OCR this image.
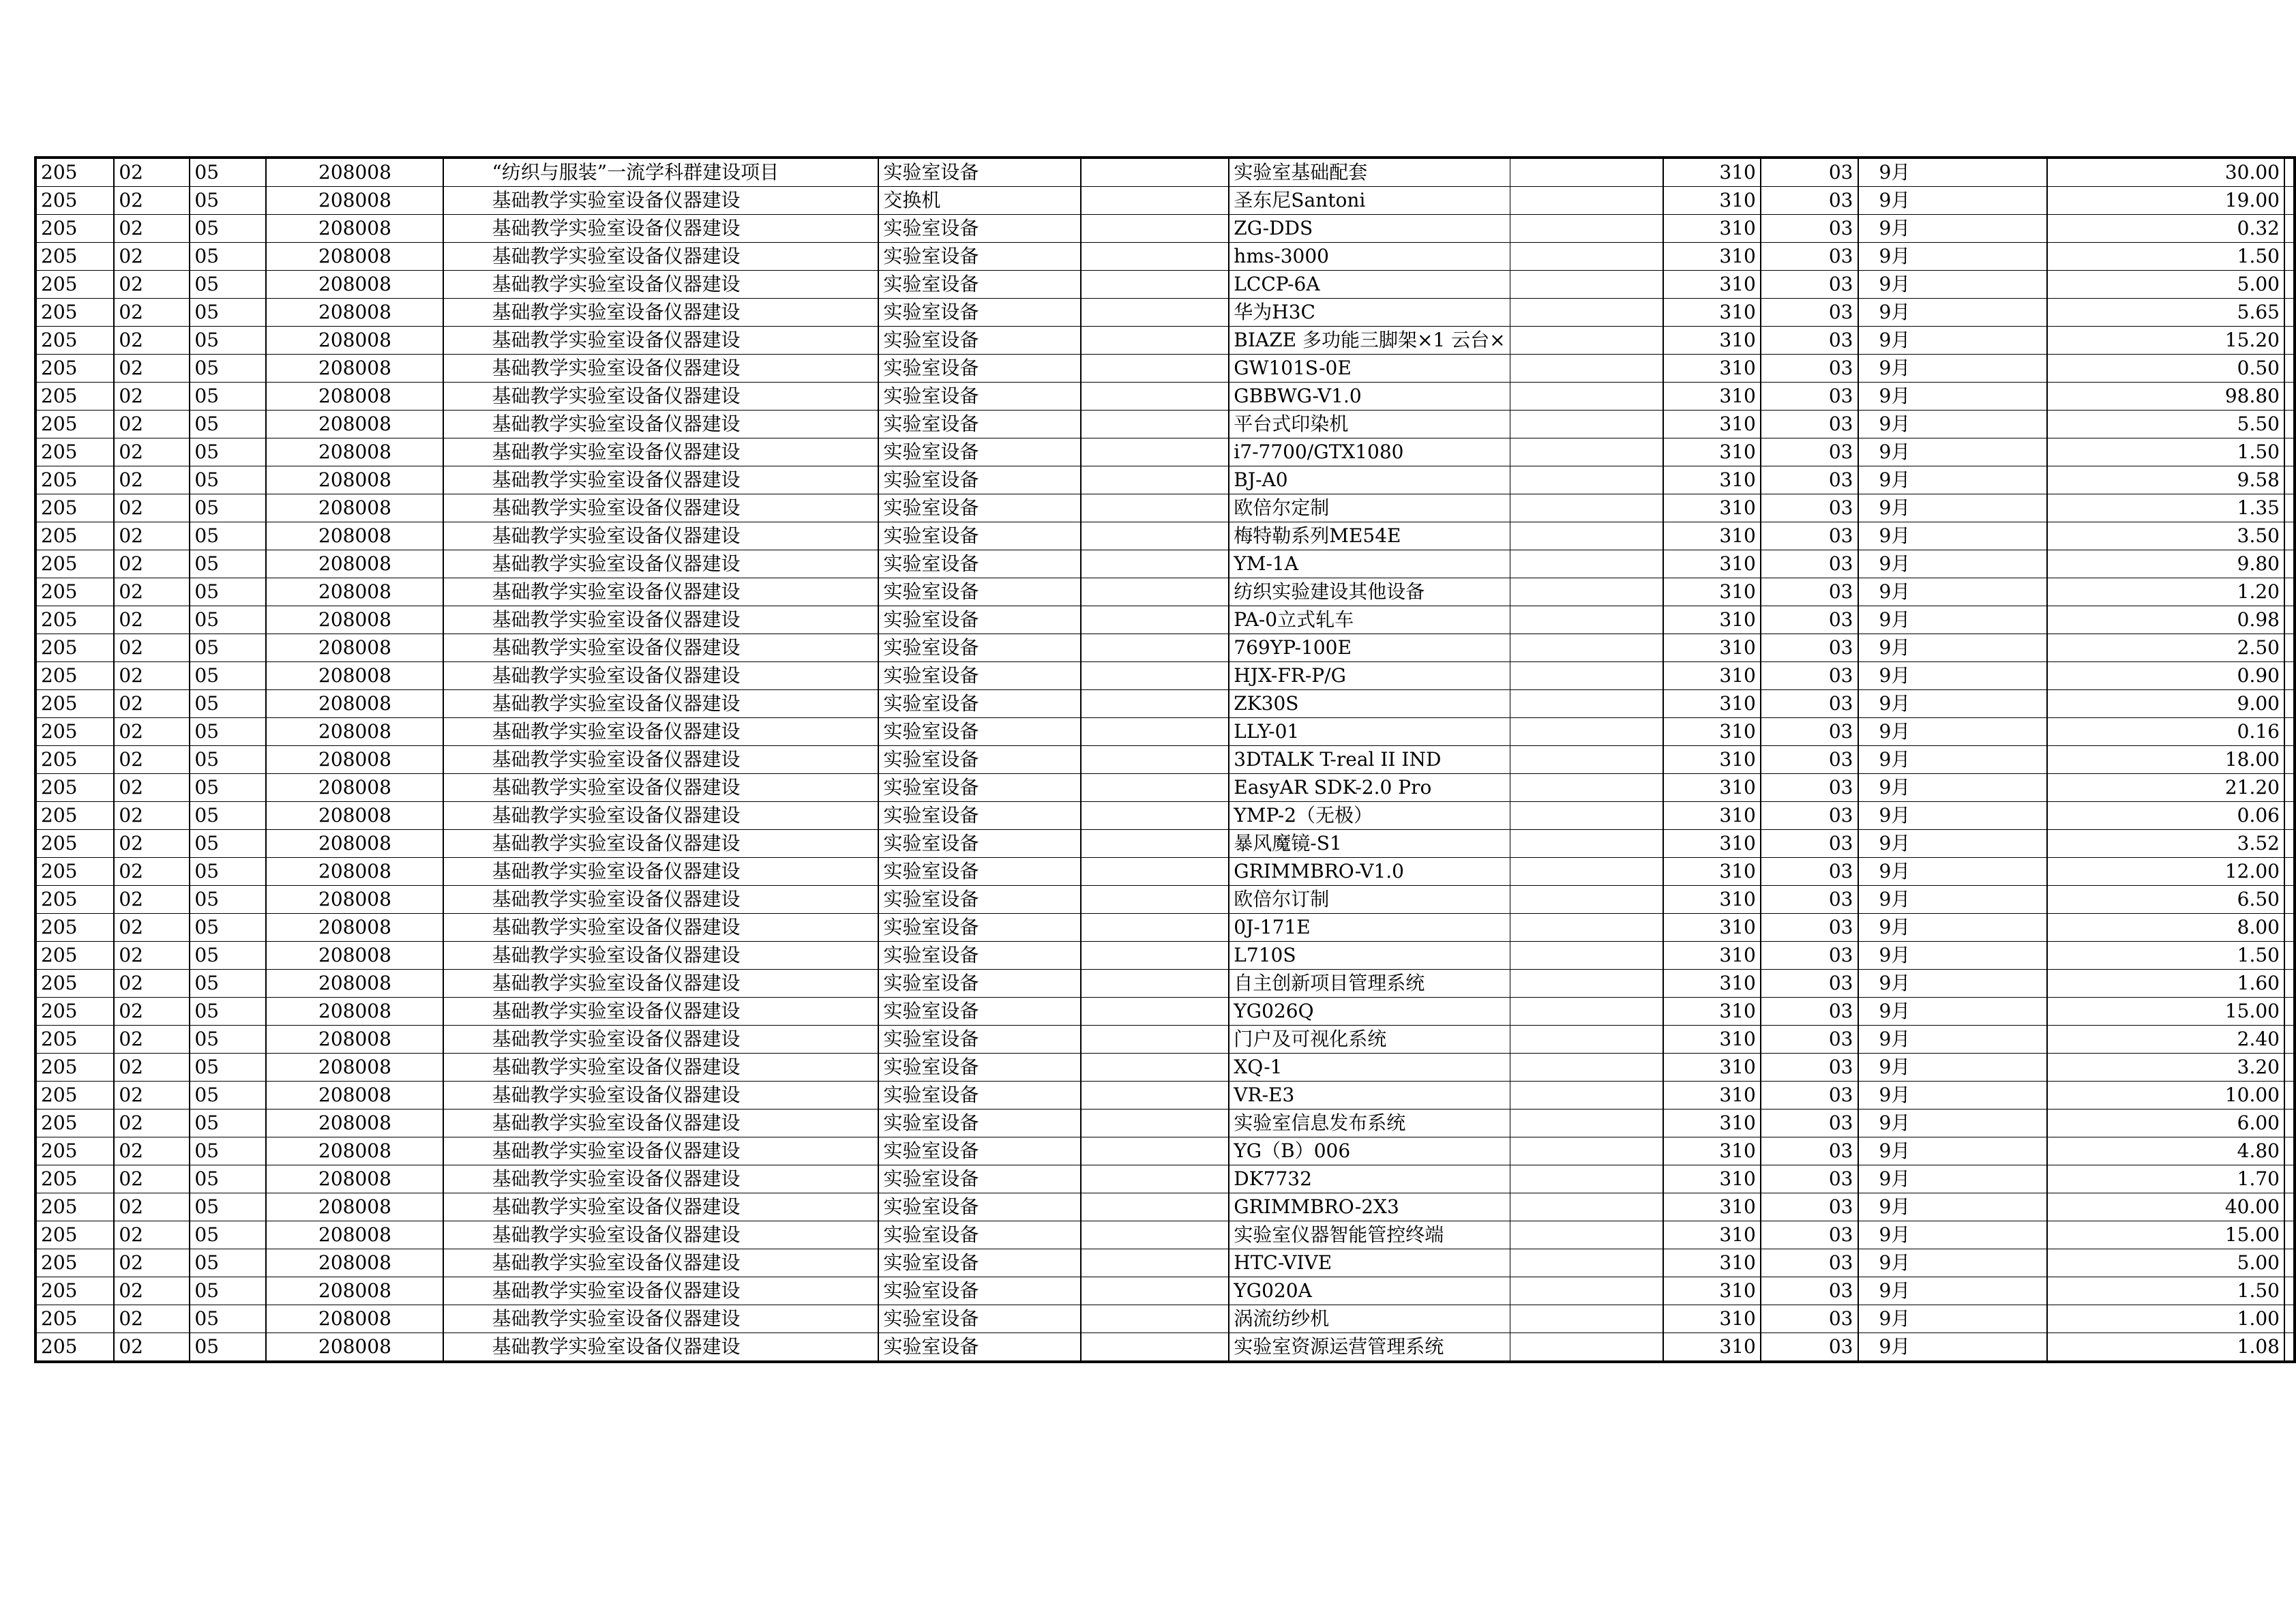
205	02	05	208008	“纺织与服装”一流学科群建设项目	实验室设备		实验室基础配套		310	03	9月	30.00	
205	02	05	208008	基础教学实验室设备仪器建设	交换机		圣东尼Santoni		310	03	9月	19.00	
205	02	05	208008	基础教学实验室设备仪器建设	实验室设备		ZG-DDS		310	03	9月	0.32	
205	02	05	208008	基础教学实验室设备仪器建设	实验室设备		hms-3000		310	03	9月	1.50	
205	02	05	208008	基础教学实验室设备仪器建设	实验室设备		LCCP-6A		310	03	9月	5.00	
205	02	05	208008	基础教学实验室设备仪器建设	实验室设备		华为H3C		310	03	9月	5.65	
205	02	05	208008	基础教学实验室设备仪器建设	实验室设备		BIAZE 多功能三脚架×1 云台×		310	03	9月	15.20	
205	02	05	208008	基础教学实验室设备仪器建设	实验室设备		GW101S-0E		310	03	9月	0.50	
205	02	05	208008	基础教学实验室设备仪器建设	实验室设备		GBBWG-V1.0		310	03	9月	98.80	
205	02	05	208008	基础教学实验室设备仪器建设	实验室设备		平台式印染机		310	03	9月	5.50	
205	02	05	208008	基础教学实验室设备仪器建设	实验室设备		i7-7700/GTX1080		310	03	9月	1.50	
205	02	05	208008	基础教学实验室设备仪器建设	实验室设备		BJ-A0		310	03	9月	9.58	
205	02	05	208008	基础教学实验室设备仪器建设	实验室设备		欧倍尔定制		310	03	9月	1.35	
205	02	05	208008	基础教学实验室设备仪器建设	实验室设备		梅特勒系列ME54E		310	03	9月	3.50	
205	02	05	208008	基础教学实验室设备仪器建设	实验室设备		YM-1A		310	03	9月	9.80	
205	02	05	208008	基础教学实验室设备仪器建设	实验室设备		纺织实验建设其他设备		310	03	9月	1.20	
205	02	05	208008	基础教学实验室设备仪器建设	实验室设备		PA-0立式轧车		310	03	9月	0.98	
205	02	05	208008	基础教学实验室设备仪器建设	实验室设备		769YP-100E		310	03	9月	2.50	
205	02	05	208008	基础教学实验室设备仪器建设	实验室设备		HJX-FR-P/G		310	03	9月	0.90	
205	02	05	208008	基础教学实验室设备仪器建设	实验室设备		ZK30S		310	03	9月	9.00	
205	02	05	208008	基础教学实验室设备仪器建设	实验室设备		LLY-01		310	03	9月	0.16	
205	02	05	208008	基础教学实验室设备仪器建设	实验室设备		3DTALK T-real II IND		310	03	9月	18.00	
205	02	05	208008	基础教学实验室设备仪器建设	实验室设备		EasyAR SDK-2.0 Pro		310	03	9月	21.20	
205	02	05	208008	基础教学实验室设备仪器建设	实验室设备		YMP-2（无极）		310	03	9月	0.06	
205	02	05	208008	基础教学实验室设备仪器建设	实验室设备		暴风魔镜-S1		310	03	9月	3.52	
205	02	05	208008	基础教学实验室设备仪器建设	实验室设备		GRIMMBRO-V1.0		310	03	9月	12.00	
205	02	05	208008	基础教学实验室设备仪器建设	实验室设备		欧倍尔订制		310	03	9月	6.50	
205	02	05	208008	基础教学实验室设备仪器建设	实验室设备		0J-171E		310	03	9月	8.00	
205	02	05	208008	基础教学实验室设备仪器建设	实验室设备		L710S		310	03	9月	1.50	
205	02	05	208008	基础教学实验室设备仪器建设	实验室设备		自主创新项目管理系统		310	03	9月	1.60	
205	02	05	208008	基础教学实验室设备仪器建设	实验室设备		YG026Q		310	03	9月	15.00	
205	02	05	208008	基础教学实验室设备仪器建设	实验室设备		门户及可视化系统		310	03	9月	2.40	
205	02	05	208008	基础教学实验室设备仪器建设	实验室设备		XQ-1		310	03	9月	3.20	
205	02	05	208008	基础教学实验室设备仪器建设	实验室设备		VR-E3		310	03	9月	10.00	
205	02	05	208008	基础教学实验室设备仪器建设	实验室设备		实验室信息发布系统		310	03	9月	6.00	
205	02	05	208008	基础教学实验室设备仪器建设	实验室设备		YG（B）006		310	03	9月	4.80	
205	02	05	208008	基础教学实验室设备仪器建设	实验室设备		DK7732		310	03	9月	1.70	
205	02	05	208008	基础教学实验室设备仪器建设	实验室设备		GRIMMBRO-2X3		310	03	9月	40.00	
205	02	05	208008	基础教学实验室设备仪器建设	实验室设备		实验室仪器智能管控终端		310	03	9月	15.00	
205	02	05	208008	基础教学实验室设备仪器建设	实验室设备		HTC-VIVE		310	03	9月	5.00	
205	02	05	208008	基础教学实验室设备仪器建设	实验室设备		YG020A		310	03	9月	1.50	
205	02	05	208008	基础教学实验室设备仪器建设	实验室设备		涡流纺纱机		310	03	9月	1.00	
205	02	05	208008	基础教学实验室设备仪器建设	实验室设备		实验室资源运营管理系统		310	03	9月	1.08	
